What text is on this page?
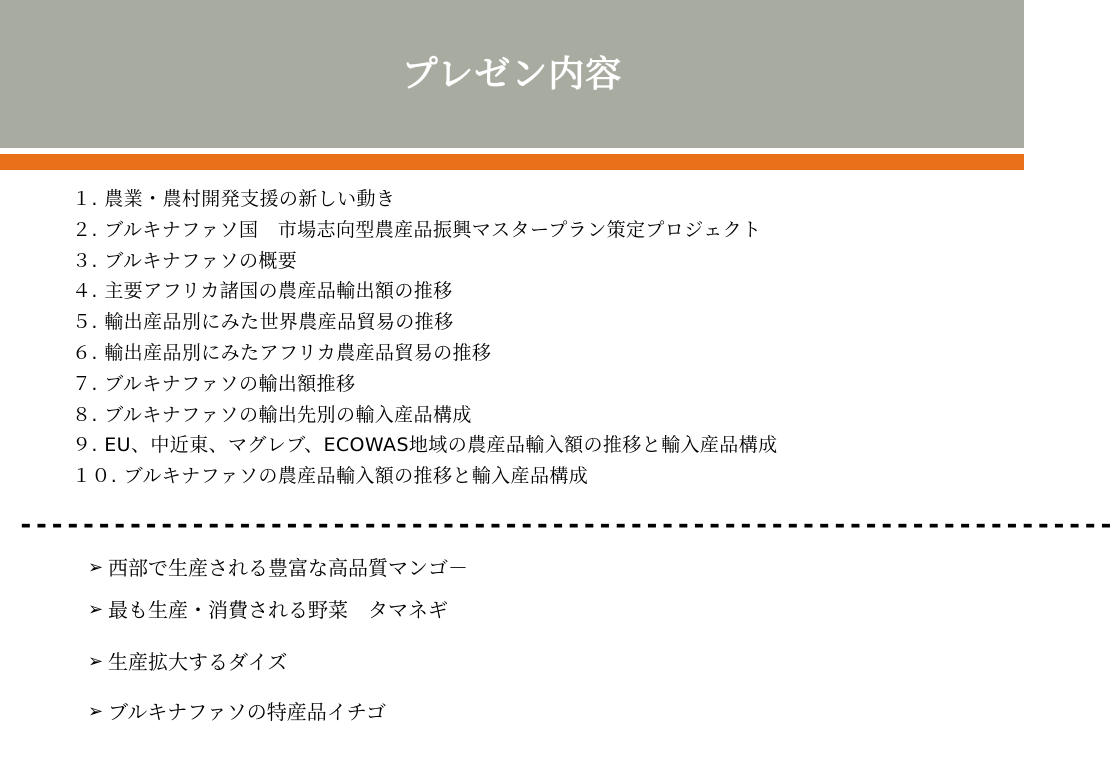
プレゼン内容
１. 農業・農村開発支援の新しい動き
２. ブルキナファソ国　市場志向型農産品振興マスタープラン策定プロジェクト
３. ブルキナファソの概要
４. 主要アフリカ諸国の農産品輸出額の推移
５. 輸出産品別にみた世界農産品貿易の推移
６. 輸出産品別にみたアフリカ農産品貿易の推移
７. ブルキナファソの輸出額推移
８. ブルキナファソの輸出先別の輸入産品構成
９. EU、中近東、マグレブ、ECOWAS地域の農産品輸入額の推移と輸入産品構成
１０. ブルキナファソの農産品輸入額の推移と輸入産品構成
----------------------------------------------------------------------
➢ 西部で生産される豊富な高品質マンゴ－
➢ 最も生産・消費される野菜　タマネギ
➢ 生産拡大するダイズ
➢ ブルキナファソの特産品イチゴ
